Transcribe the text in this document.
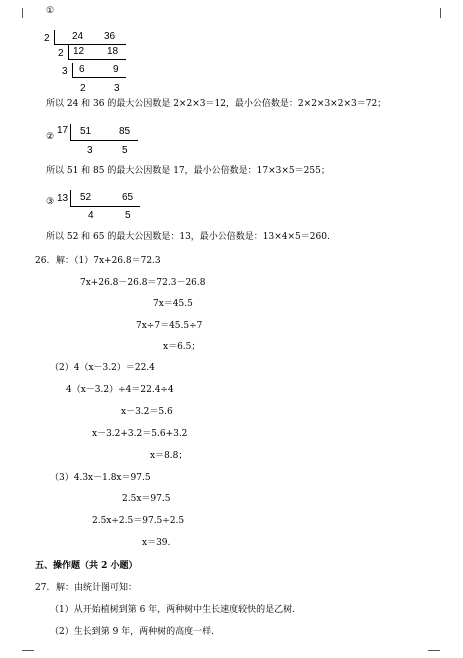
①
2 24 36
2 12 18
3 6	9
2	3
所以 24 和 36 的最大公因数是 2×2×3＝12，最小公倍数是：2×2×3×2×3＝72；
②
17 51	85
3	5
所以 51 和 85 的最大公因数是 17，最小公倍数是：17×3×5＝255；
③ 13 52	65
4	5
所以 52 和 65 的最大公因数是：13，最小公倍数是：13×4×5＝260.
26. 解：（1）7x+26.8＝72.3
7x+26.8－26.8＝72.3－26.8
7x＝45.5
7x÷7＝45.5÷7
x＝6.5；
（2）4（x－3.2）＝22.4
4（x－3.2）÷4＝22.4÷4
x－3.2＝5.6
x－3.2+3.2＝5.6+3.2
x＝8.8；
（3）4.3x－1.8x＝97.5
2.5x＝97.5
2.5x÷2.5＝97.5÷2.5
x＝39.
五、操作题（共 2 小题）
27. 解：由统计图可知：
（1）从开始植树到第 6 年，两种树中生长速度较快的是乙树.
（2）生长到第 9 年，两种树的高度一样.
